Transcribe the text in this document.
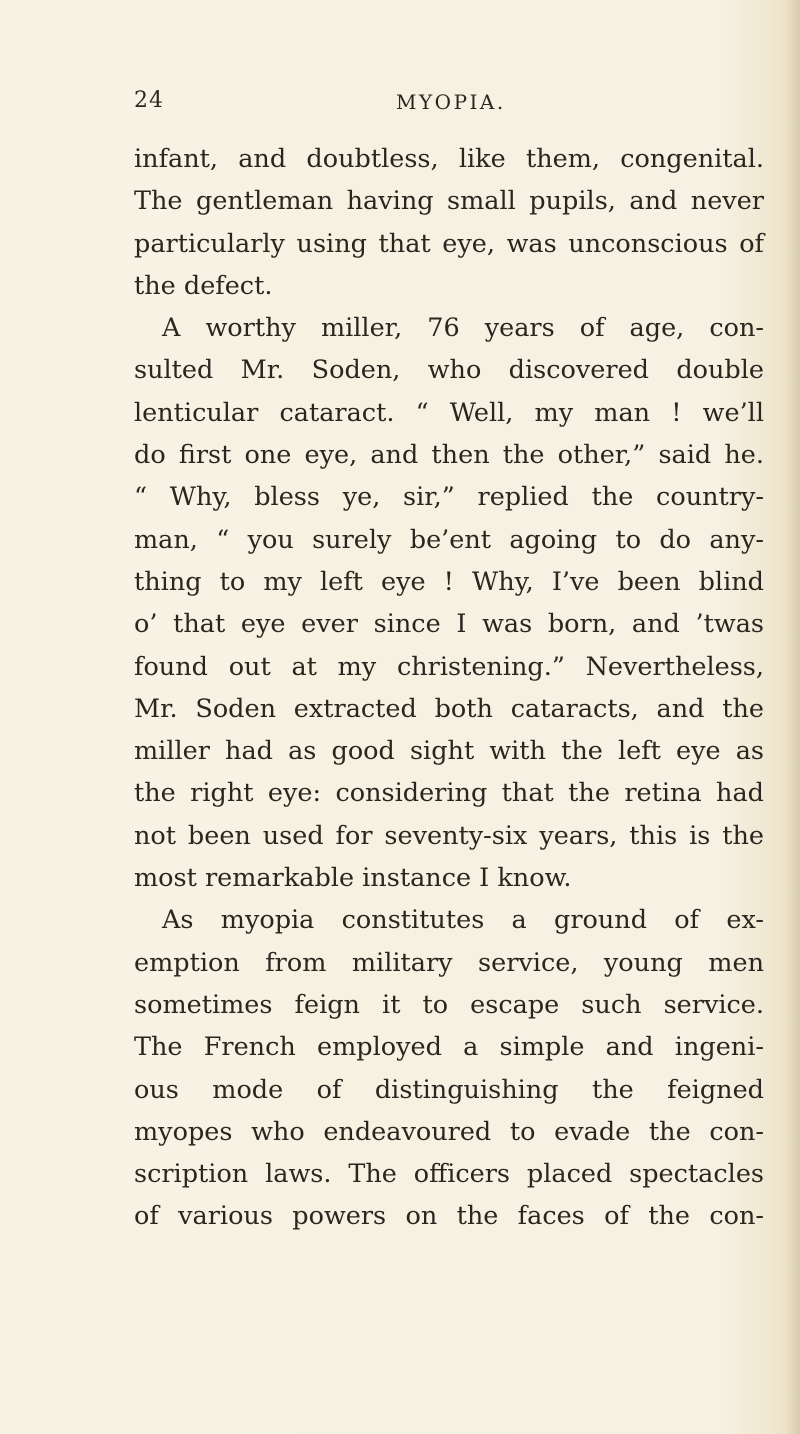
24	MYOPIA.
infant, and doubtless, like them, congenital.
The gentleman having small pupils, and never
particularly using that eye, was unconscious of
the defect.
A worthy miller, 76 years of age, con-
sulted Mr. Soden, who discovered double
lenticular cataract. “ Well, my man ! we’ll
do first one eye, and then the other,” said he.
“ Why, bless ye, sir,” replied the country-
man, “ you surely be’ent agoing to do any-
thing to my left eye ! Why, I’ve been blind
o’ that eye ever since I was born, and ’twas
found out at my christening.” Nevertheless,
Mr. Soden extracted both cataracts, and the
miller had as good sight with the left eye as
the right eye: considering that the retina had
not been used for seventy-six years, this is the
most remarkable instance I know.
As myopia constitutes a ground of ex-
emption from military service, young men
sometimes feign it to escape such service.
The French employed a simple and ingeni-
ous mode of distinguishing the feigned
myopes who endeavoured to evade the con-
scription laws. The officers placed spectacles
of various powers on the faces of the con-
